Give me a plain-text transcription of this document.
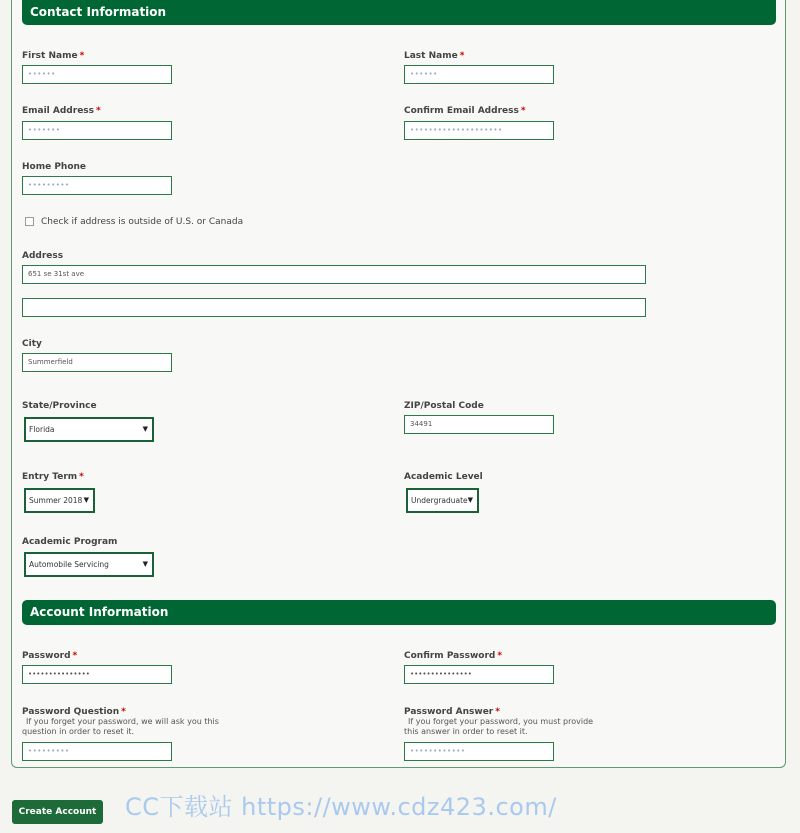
Contact Information
First Name *
••••••
Last Name *
••••••
Email Address *
•••••••
Confirm Email Address *
••••••••••••••••••••
Home Phone
•••••••••
Check if address is outside of U.S. or Canada
Address
651 se 31st ave
City
Summerfield
State/Province
Florida	▼
ZIP/Postal Code
34491
Entry Term *
Summer 2018 ▼
Academic Level
Undergraduate ▼
Academic Program
Automobile Servicing	▼
Account Information
Password *
•••••••••••••••
Confirm Password *
•••••••••••••••
Password Question *
If you forget your password, we will ask you this
question in order to reset it.
•••••••••
Password Answer *
If you forget your password, you must provide
this answer in order to reset it.
••••••••••••
Create Account CC下载站 https://www.cdz423.com/
